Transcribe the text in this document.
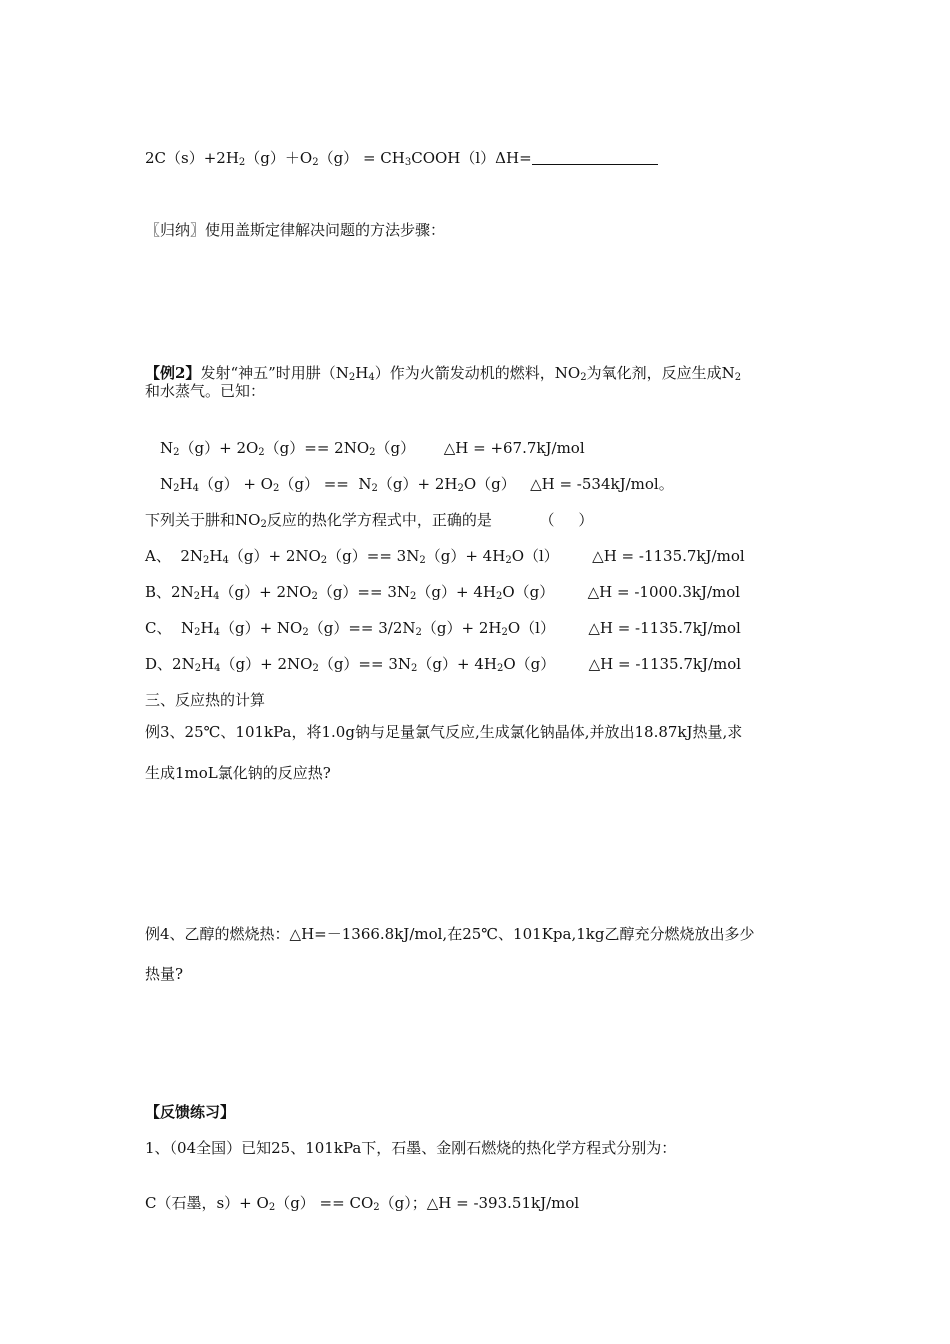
$2C(s)+2H_2(g)+O_2(g)$ = $CH_3COOH(l)\Delta H=$

〖归纳〗使用盖斯定律解决问题的方法步骤：

【例2】发射“神五”时用肼$(N_2H_4)$作为火箭发动机的燃料，$NO_2$为氧化剂，反应生成$N_2$

和水蒸气。已知：

$N_2(g)+ 2O_2(g)== 2NO_2(g)$      △H = +67.7kJ/mol

$N_2H_4(g) + O_2(g) == N_2(g)+ 2H_2O(g)$   △H = -534kJ/mol。

下列关于肼和$NO_2$反应的热化学方程式中，正确的是          （     ）

A、  $2N_2H_4(g)+ 2NO_2(g)== 3N_2(g)+ 4H_2O(l)$       △H = -1135.7kJ/mol

B、$2N_2H_4(g)+ 2NO_2(g)== 3N_2(g)+ 4H_2O(g)$       △H = -1000.3kJ/mol

C、  $N_2H_4(g)+ NO_2(g)== 3/2N_2(g)+ 2H_2O(l)$       △H = -1135.7kJ/mol

D、$2N_2H_4(g)+ 2NO_2(g)== 3N_2(g)+ 4H_2O(g)$       △H = -1135.7kJ/mol

三、反应热的计算
例3、25℃、101kPa，将1.0g钠与足量氯气反应,生成氯化钠晶体,并放出18.87kJ热量,求
生成1moL氯化钠的反应热?
例4、乙醇的燃烧热：△H=－1366.8kJ/mol,在25℃、101Kpa,1kg乙醇充分燃烧放出多少
热量?
【反馈练习】
1、（04全国）已知25、101kPa下，石墨、金刚石燃烧的热化学方程式分别为：

C（石墨，$s)+ O_2(g) == CO_2(g)$；△H = -393.51kJ/mol
